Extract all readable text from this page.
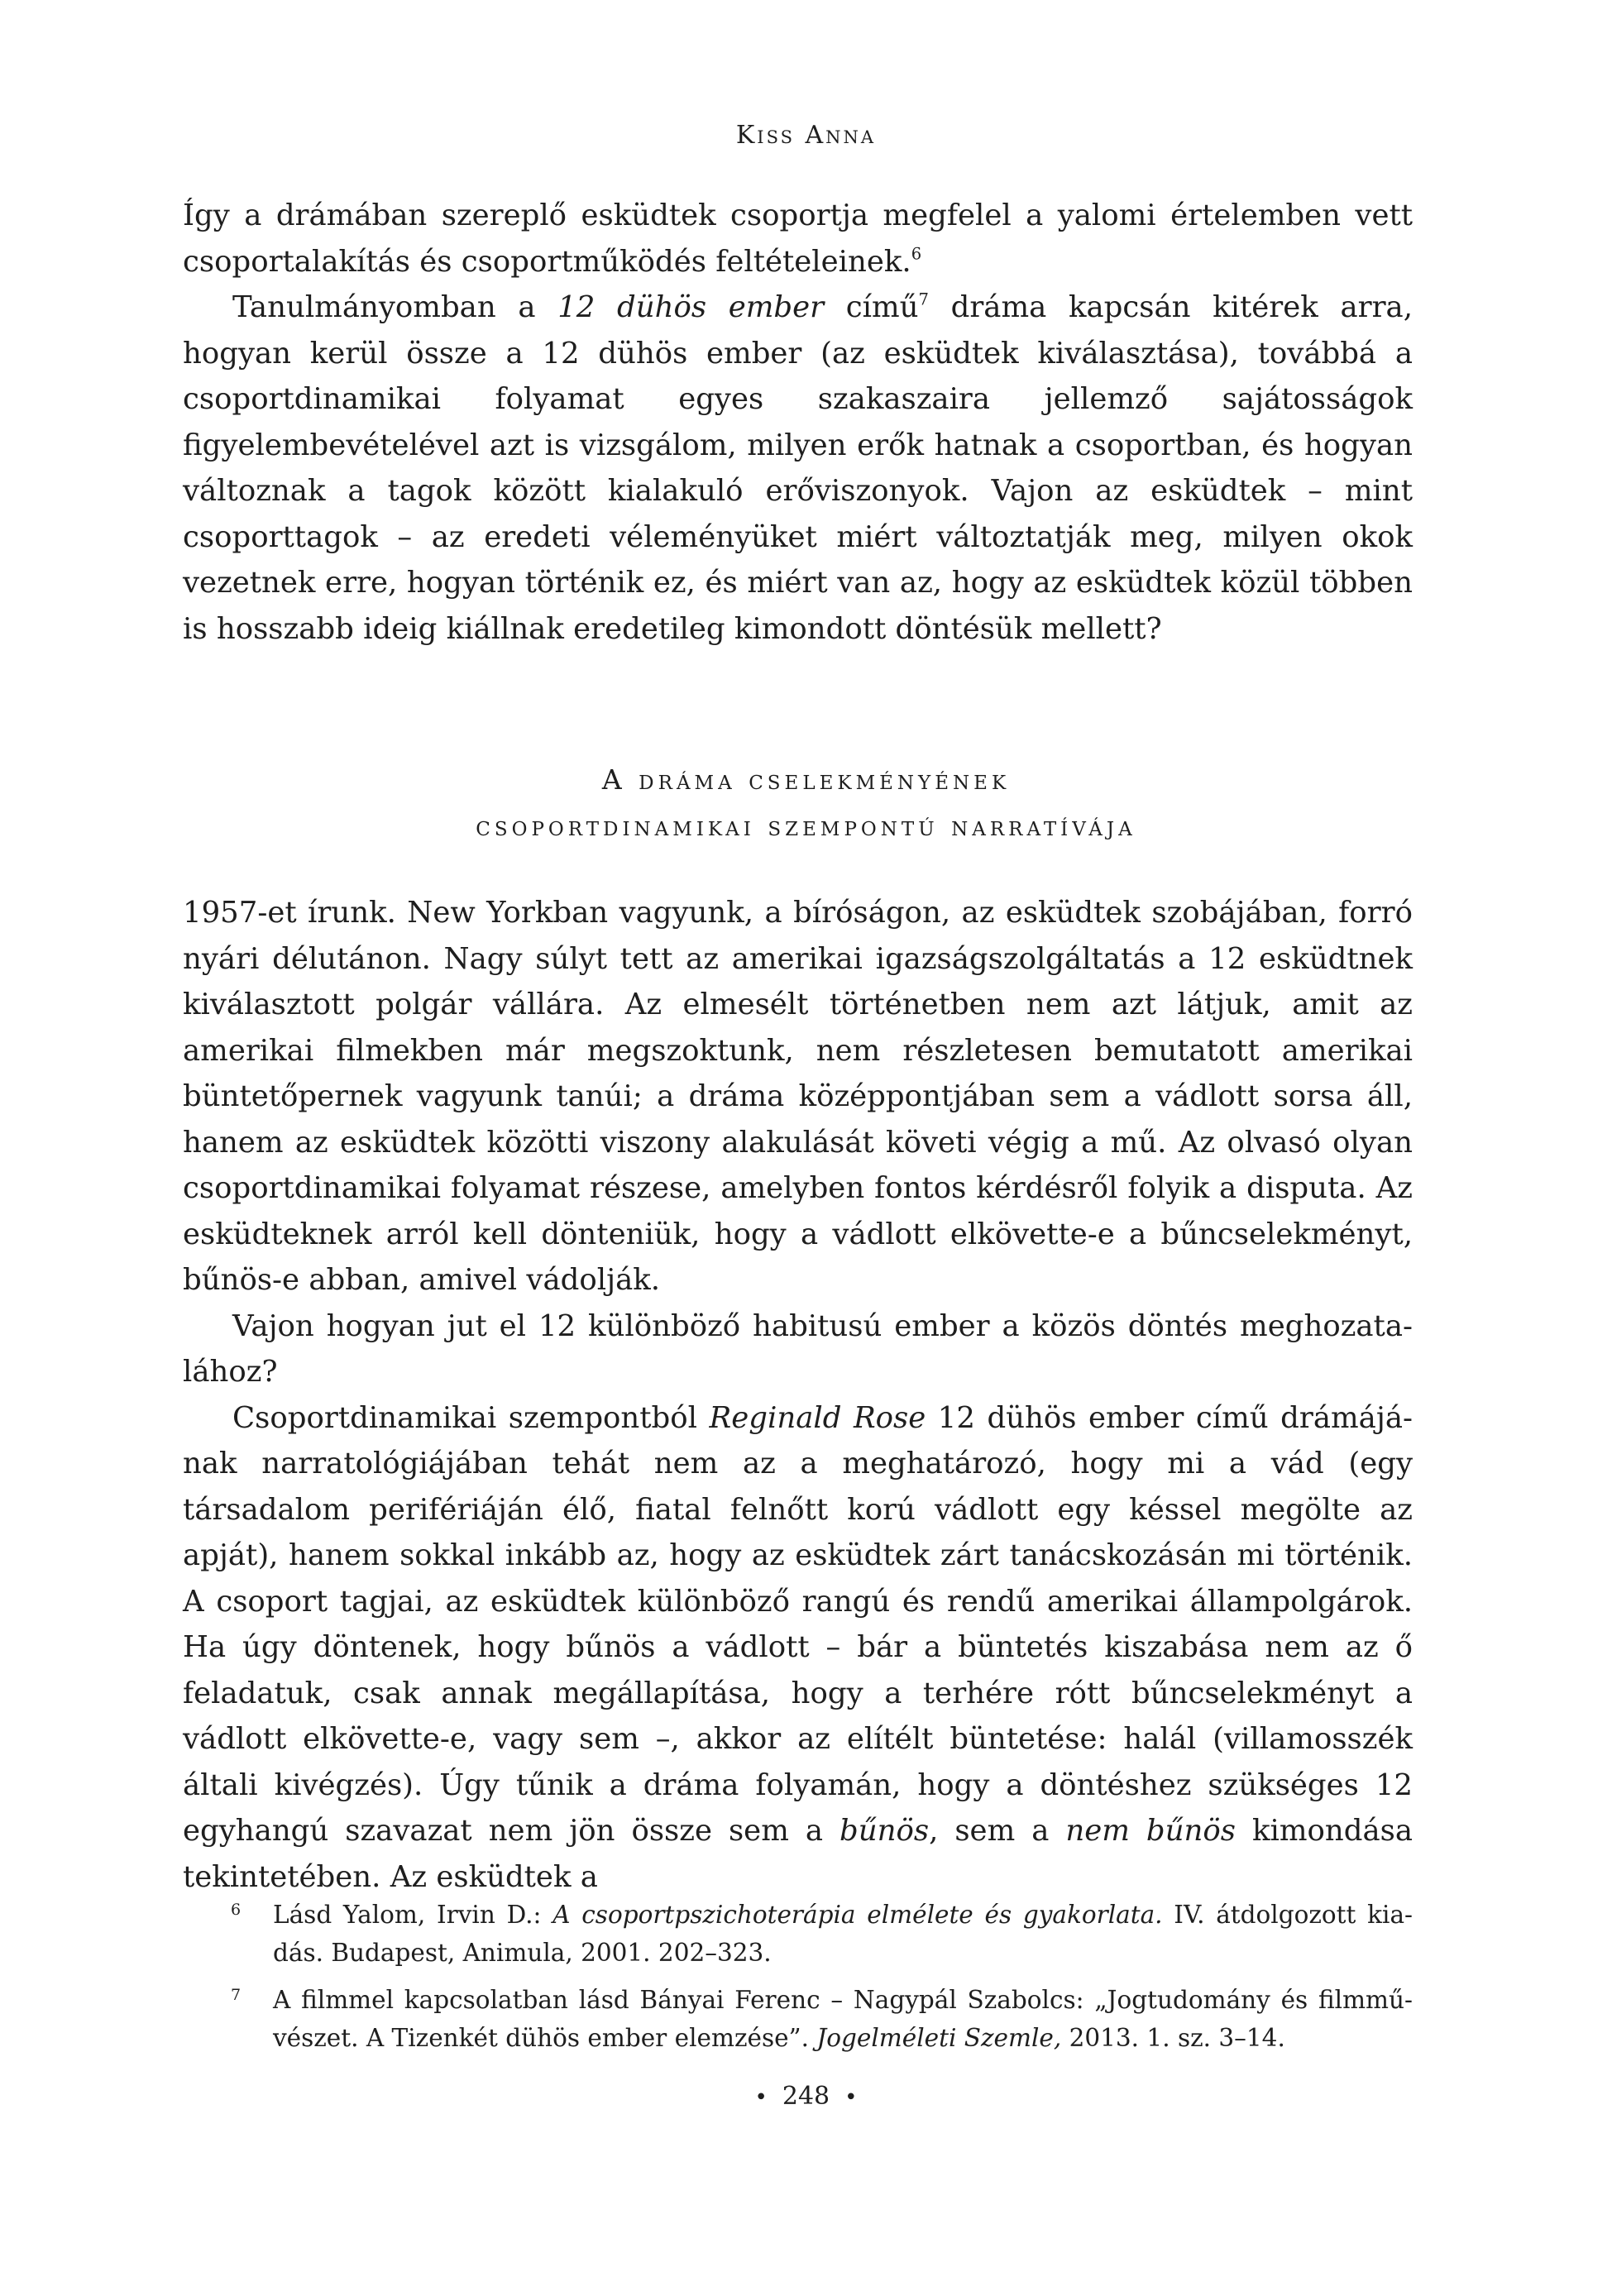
Kiss Anna

Így a drámában szereplő esküdtek csoportja megfelel a yalomi értelemben vett csoportalakítás és csoportműködés feltételeinek.$^6$

Tanulmányomban a 12 dühös ember című$^7$ dráma kapcsán kitérek arra, hogyan kerül össze a 12 dühös ember (az esküdtek kiválasztása), továbbá a csoportdinamikai folyamat egyes szakaszaira jellemző sajátosságok figyelembevételével azt is vizsgálom, milyen erők hatnak a csoportban, és hogyan változnak a tagok között kialakuló erőviszonyok. Vajon az esküdtek – mint csoporttagok – az eredeti véleményüket miért változtatják meg, milyen okok vezetnek erre, hogyan történik ez, és miért van az, hogy az esküdtek közül többen is hosszabb ideig kiállnak eredetileg kimondott döntésük mellett?

A dráma cselekményének
csoportdinamikai szempontú narratívája

1957-et írunk. New Yorkban vagyunk, a bíróságon, az esküdtek szobájában, forró nyári délutánon. Nagy súlyt tett az amerikai igazságszolgáltatás a 12 esküdtnek kiválasztott polgár vállára. Az elmesélt történetben nem azt látjuk, amit az amerikai filmekben már megszoktunk, nem részletesen bemutatott amerikai büntetőpernek vagyunk tanúi; a dráma középpontjában sem a vádlott sorsa áll, hanem az esküdtek közötti viszony alakulását követi végig a mű. Az olvasó olyan csoportdinamikai folyamat részese, amelyben fontos kérdésről folyik a disputa. Az esküdteknek arról kell dönteniük, hogy a vádlott elkövette-e a bűncselekményt, bűnös-e abban, amivel vádolják.

Vajon hogyan jut el 12 különböző habitusú ember a közös döntés meghozatalához?

Csoportdinamikai szempontból Reginald Rose 12 dühös ember című drámájának narratológiájában tehát nem az a meghatározó, hogy mi a vád (egy társadalom perifériáján élő, fiatal felnőtt korú vádlott egy késsel megölte az apját), hanem sokkal inkább az, hogy az esküdtek zárt tanácskozásán mi történik. A csoport tagjai, az esküdtek különböző rangú és rendű amerikai állampolgárok. Ha úgy döntenek, hogy bűnös a vádlott – bár a büntetés kiszabása nem az ő feladatuk, csak annak megállapítása, hogy a terhére rótt bűncselekményt a vádlott elkövette-e, vagy sem –, akkor az elítélt büntetése: halál (villamosszék általi kivégzés). Úgy tűnik a dráma folyamán, hogy a döntéshez szükséges 12 egyhangú szavazat nem jön össze sem a bűnös, sem a nem bűnös kimondása tekintetében. Az esküdtek a

6 Lásd Yalom, Irvin D.: A csoportpszichoterápia elmélete és gyakorlata. IV. átdolgozott kiadás. Budapest, Animula, 2001. 202–323.
7 A filmmel kapcsolatban lásd Bányai Ferenc – Nagypál Szabolcs: „Jogtudomány és filmművészet. A Tizenkét dühös ember elemzése”. Jogelméleti Szemle, 2013. 1. sz. 3–14.
• 248 •
